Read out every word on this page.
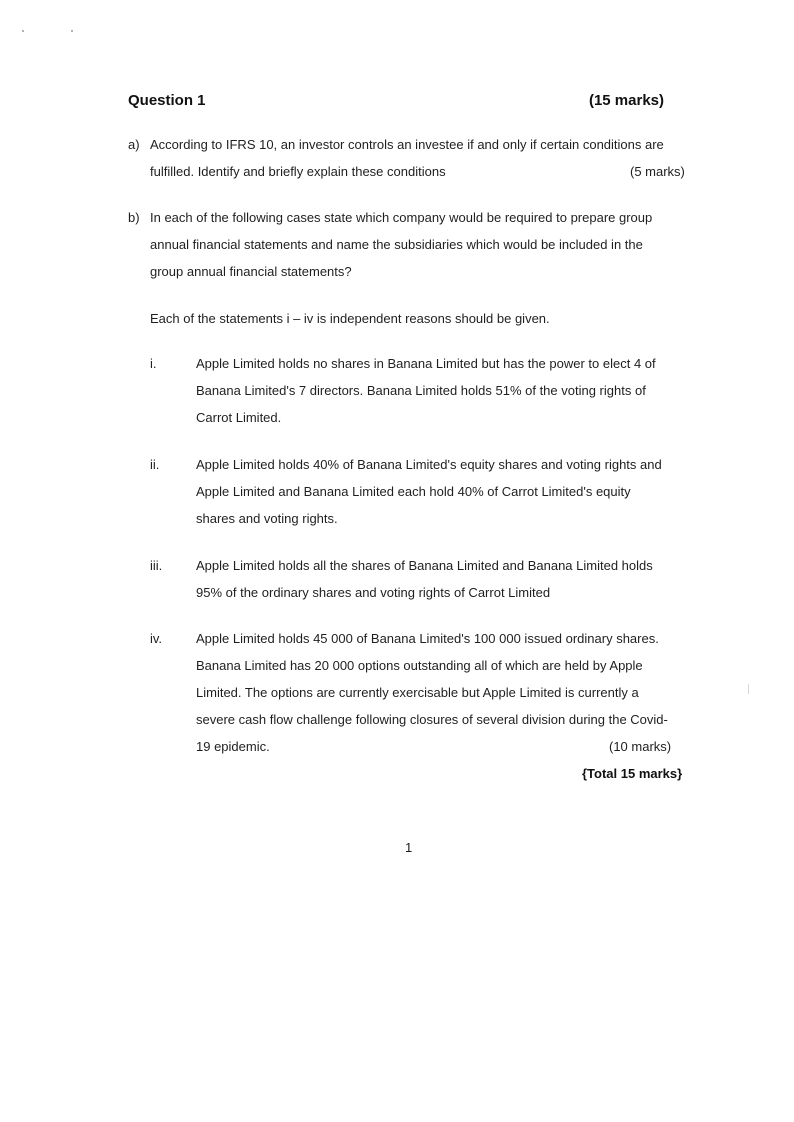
Question 1	(15 marks)
a) According to IFRS 10, an investor controls an investee if and only if certain conditions are
fulfilled. Identify and briefly explain these conditions	(5 marks)
b) In each of the following cases state which company would be required to prepare group
annual financial statements and name the subsidiaries which would be included in the
group annual financial statements?
Each of the statements i – iv is independent reasons should be given.
i.	Apple Limited holds no shares in Banana Limited but has the power to elect 4 of
Banana Limited's 7 directors. Banana Limited holds 51% of the voting rights of
Carrot Limited.
ii.	Apple Limited holds 40% of Banana Limited's equity shares and voting rights and
Apple Limited and Banana Limited each hold 40% of Carrot Limited's equity
shares and voting rights.
iii.	Apple Limited holds all the shares of Banana Limited and Banana Limited holds
95% of the ordinary shares and voting rights of Carrot Limited
iv.	Apple Limited holds 45 000 of Banana Limited's 100 000 issued ordinary shares.
Banana Limited has 20 000 options outstanding all of which are held by Apple
Limited. The options are currently exercisable but Apple Limited is currently a
severe cash flow challenge following closures of several division during the Covid-
19 epidemic.	(10 marks)
{Total 15 marks}
1
